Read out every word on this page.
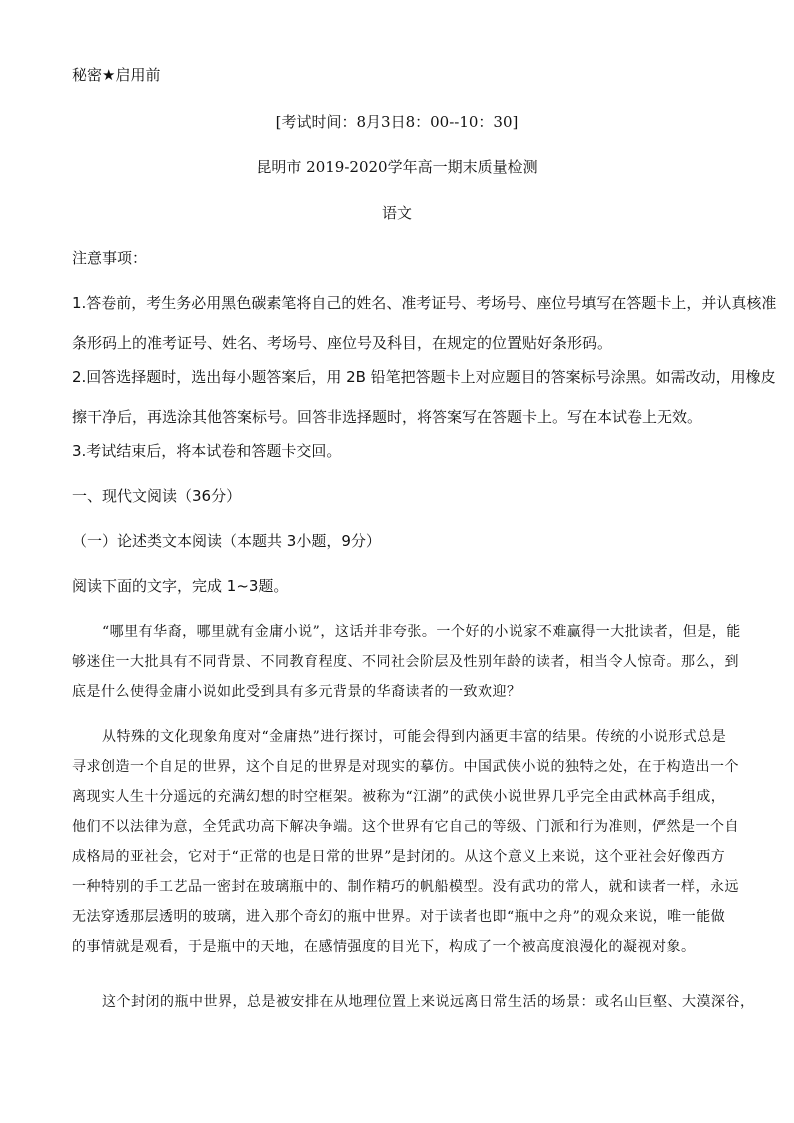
秘密★启用前
[考试时间：8月3日8：00--10：30]
昆明市 2019-2020学年高一期末质量检测
语文
注意事项：
1.答卷前，考生务必用黑色碳素笔将自己的姓名、准考证号、考场号、座位号填写在答题卡上，并认真核准
条形码上的准考证号、姓名、考场号、座位号及科目，在规定的位置贴好条形码。
2.回答选择题时，选出每小题答案后，用 2B 铅笔把答题卡上对应题目的答案标号涂黑。如需改动，用橡皮
擦干净后，再选涂其他答案标号。回答非选择题时，将答案写在答题卡上。写在本试卷上无效。
3.考试结束后，将本试卷和答题卡交回。
一、现代文阅读（36分）
（一）论述类文本阅读（本题共 3小题，9分）
阅读下面的文字，完成 1~3题。
“哪里有华裔，哪里就有金庸小说”，这话并非夸张。一个好的小说家不难赢得一大批读者，但是，能
够迷住一大批具有不同背景、不同教育程度、不同社会阶层及性别年龄的读者，相当令人惊奇。那么，到
底是什么使得金庸小说如此受到具有多元背景的华裔读者的一致欢迎？
从特殊的文化现象角度对“金庸热”进行探讨，可能会得到内涵更丰富的结果。传统的小说形式总是
寻求创造一个自足的世界，这个自足的世界是对现实的摹仿。中国武侠小说的独特之处，在于构造出一个
离现实人生十分遥远的充满幻想的时空框架。被称为“江湖”的武侠小说世界几乎完全由武林高手组成，
他们不以法律为意，全凭武功高下解决争端。这个世界有它自己的等级、门派和行为准则，俨然是一个自
成格局的亚社会，它对于“正常的也是日常的世界”是封闭的。从这个意义上来说，这个亚社会好像西方
一种特别的手工艺品一密封在玻璃瓶中的、制作精巧的帆船模型。没有武功的常人，就和读者一样，永远
无法穿透那层透明的玻璃，进入那个奇幻的瓶中世界。对于读者也即“瓶中之舟”的观众来说，唯一能做
的事情就是观看，于是瓶中的天地，在感情强度的目光下，构成了一个被高度浪漫化的凝视对象。
这个封闭的瓶中世界，总是被安排在从地理位置上来说远离日常生活的场景：或名山巨壑、大漠深谷，
